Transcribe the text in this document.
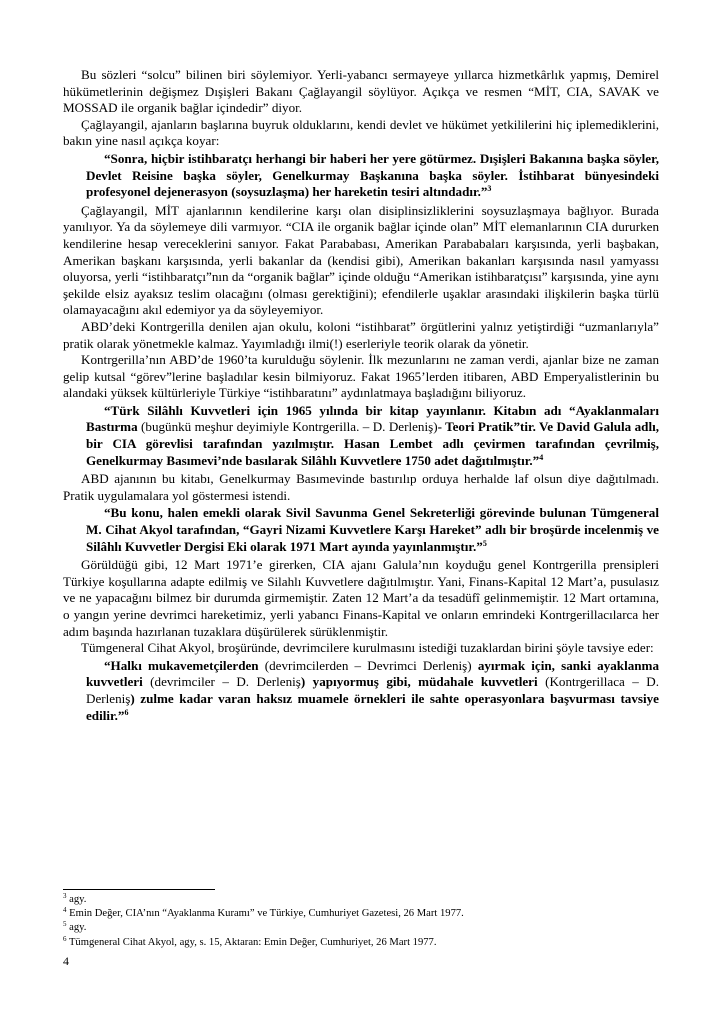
Bu sözleri “solcu” bilinen biri söylemiyor. Yerli-yabancı sermayeye yıllarca hizmetkârlık yapmış, Demirel hükümetlerinin değişmez Dışişleri Bakanı Çağlayangil söylüyor. Açıkça ve resmen “MİT, CIA, SAVAK ve MOSSAD ile organik bağlar içindedir” diyor.

Çağlayangil, ajanların başlarına buyruk olduklarını, kendi devlet ve hükümet yetkililerini hiç iplemediklerini, bakın yine nasıl açıkça koyar:

“Sonra, hiçbir istihbaratçı herhangi bir haberi her yere götürmez. Dışişleri Bakanına başka söyler, Devlet Reisine başka söyler, Genelkurmay Başkanına başka söyler. İstihbarat bünyesindeki profesyonel dejenerasyon (soysuzlaşma) her hareketin tesiri altındadır.”$^3$

Çağlayangil, MİT ajanlarının kendilerine karşı olan disiplinsizliklerini soysuzlaşmaya bağlıyor. Burada yanılıyor. Ya da söylemeye dili varmıyor. “CIA ile organik bağlar içinde olan” MİT elemanlarının CIA dururken kendilerine hesap vereceklerini sanıyor. Fakat Parababası, Amerikan Parababaları karşısında, yerli başbakan, Amerikan başkanı karşısında, yerli bakanlar da (kendisi gibi), Amerikan bakanları karşısında nasıl yamyassı oluyorsa, yerli “istihbaratçı”nın da “organik bağlar” içinde olduğu “Amerikan istihbaratçısı” karşısında, yine aynı şekilde elsiz ayaksız teslim olacağını (olması gerektiğini); efendilerle uşaklar arasındaki ilişkilerin başka türlü olamayacağını akıl edemiyor ya da söyleyemiyor.

ABD’deki Kontrgerilla denilen ajan okulu, koloni “istihbarat” örgütlerini yalnız yetiştirdiği “uzmanlarıyla” pratik olarak yönetmekle kalmaz. Yayımladığı ilmi(!) eserleriyle teorik olarak da yönetir.

Kontrgerilla’nın ABD’de 1960’ta kurulduğu söylenir. İlk mezunlarını ne zaman verdi, ajanlar bize ne zaman gelip kutsal “görev”lerine başladılar kesin bilmiyoruz. Fakat 1965’lerden itibaren, ABD Emperyalistlerinin bu alandaki yüksek kültürleriyle Türkiye “istihbaratını” aydınlatmaya başladığını biliyoruz.

“Türk Silâhlı Kuvvetleri için 1965 yılında bir kitap yayınlanır. Kitabın adı “Ayaklanmaları Bastırma (bugünkü meşhur deyimiyle Kontrgerilla. – D. Derleniş)- Teori Pratik”tir. Ve David Galula adlı, bir CIA görevlisi tarafından yazılmıştır. Hasan Lembet adlı çevirmen tarafından çevrilmiş, Genelkurmay Basımevi’nde basılarak Silâhlı Kuvvetlere 1750 adet dağıtılmıştır.”$^4$

ABD ajanının bu kitabı, Genelkurmay Basımevinde bastırılıp orduya herhalde laf olsun diye dağıtılmadı. Pratik uygulamalara yol göstermesi istendi.

“Bu konu, halen emekli olarak Sivil Savunma Genel Sekreterliği görevinde bulunan Tümgeneral M. Cihat Akyol tarafından, “Gayri Nizami Kuvvetlere Karşı Hareket” adlı bir broşürde incelenmiş ve Silâhlı Kuvvetler Dergisi Eki olarak 1971 Mart ayında yayınlanmıştır.”$^5$

Görüldüğü gibi, 12 Mart 1971’e girerken, CIA ajanı Galula’nın koyduğu genel Kontrgerilla prensipleri Türkiye koşullarına adapte edilmiş ve Silahlı Kuvvetlere dağıtılmıştır. Yani, Finans-Kapital 12 Mart’a, pusulasız ve ne yapacağını bilmez bir durumda girmemiştir. Zaten 12 Mart’a da tesadüfî gelinmemiştir. 12 Mart ortamına, o yangın yerine devrimci hareketimiz, yerli yabancı Finans-Kapital ve onların emrindeki Kontrgerillacılarca her adım başında hazırlanan tuzaklara düşürülerek sürüklenmiştir.

Tümgeneral Cihat Akyol, broşüründe, devrimcilere kurulmasını istediği tuzaklardan birini şöyle tavsiye eder:

“Halkı mukavemetçilerden (devrimcilerden – Devrimci Derleniş) ayırmak için, sanki ayaklanma kuvvetleri (devrimciler – D. Derleniş) yapıyormuş gibi, müdahale kuvvetleri (Kontrgerillaca – D. Derleniş) zulme kadar varan haksız muamele örnekleri ile sahte operasyonlara başvurması tavsiye edilir.”$^6$

$^3$ agy.
$^4$ Emin Değer, CIA’nın “Ayaklanma Kuramı” ve Türkiye, Cumhuriyet Gazetesi, 26 Mart 1977.
$^5$ agy.
$^6$ Tümgeneral Cihat Akyol, agy, s. 15, Aktaran: Emin Değer, Cumhuriyet, 26 Mart 1977.
4
